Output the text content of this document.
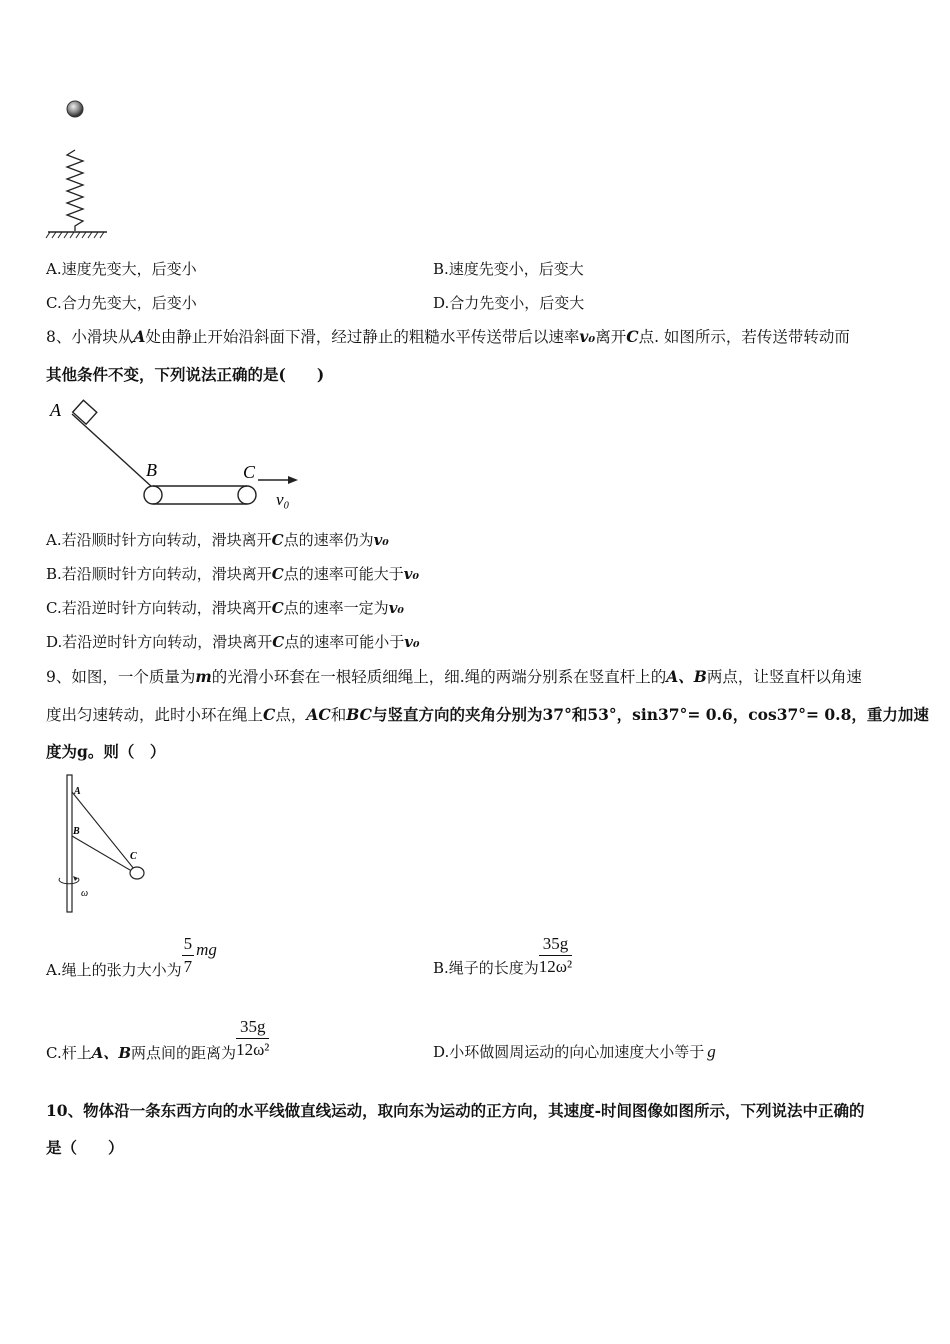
A.速度先变大，后变小	B.速度先变小，后变大
C.合力先变大，后变小	D.合力先变小，后变大
8、小滑块从A处由静止开始沿斜面下滑，经过静止的粗糙水平传送带后以速率v₀离开C点. 如图所示，若传送带转动而
其他条件不变，下列说法正确的是(　　)
A
B	C
v₀
A.若沿顺时针方向转动，滑块离开C点的速率仍为v₀
B.若沿顺时针方向转动，滑块离开C点的速率可能大于v₀
C.若沿逆时针方向转动，滑块离开C点的速率一定为v₀
D.若沿逆时针方向转动，滑块离开C点的速率可能小于v₀
9、如图，一个质量为m的光滑小环套在一根轻质细绳上，细.绳的两端分别系在竖直杆上的A、B两点，让竖直杆以角速
度出匀速转动，此时小环在绳上C点，AC和BC与竖直方向的夹角分别为37°和53°，sin37°= 0.6，cos37°= 0.8，重力加速
度为g。则（　）
A
B
C
ω
A.绳上的张力大小为 $\frac{5}{7}$ mg
B.绳子的长度为 $\frac{35g}{\text{12ω²}}$
C.杆上A、B两点间的距离为 $\frac{35g}{\text{12ω²}}$	D.小环做圆周运动的向心加速度大小等于 g
10、物体沿一条东西方向的水平线做直线运动，取向东为运动的正方向，其速度-时间图像如图所示，下列说法中正确的
是（　　）
